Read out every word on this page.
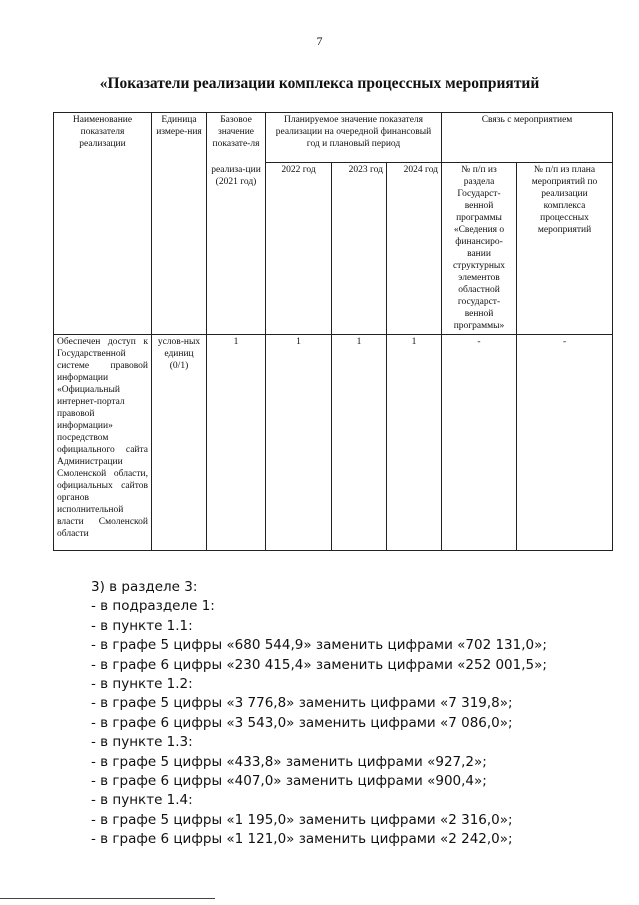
7
«Показатели реализации комплекса процессных мероприятий
Наименование показателя реализации	Единица измере-ния	Базовое значение показате-ля	Планируемое значение показателя реализации на очередной финансовый год и плановый период			Связь с мероприятием	
		реализа-ции (2021 год)	2022 год	2023 год	2024 год	№ п/п из раздела Государст-венной программы «Сведения о финансиро-вании структурных элементов областной государст-венной программы»	№ п/п из плана мероприятий по реализации комплекса процессных мероприятий
Обеспечен доступ к Государственной системе правовой информации «Официальный интернет-портал правовой информации» посредством официального сайта Администрации Смоленской области, официальных сайтов органов исполнительной власти Смоленской области	услов-ных единиц (0/1)	1	1	1	1	-	-
3) в разделе 3:
- в подразделе 1:
- в пункте 1.1:
- в графе 5 цифры «680 544,9» заменить цифрами «702 131,0»;
- в графе 6 цифры «230 415,4» заменить цифрами «252 001,5»;
- в пункте 1.2:
- в графе 5 цифры «3 776,8» заменить цифрами «7 319,8»;
- в графе 6 цифры «3 543,0» заменить цифрами «7 086,0»;
- в пункте 1.3:
- в графе 5 цифры «433,8» заменить цифрами «927,2»;
- в графе 6 цифры «407,0» заменить цифрами «900,4»;
- в пункте 1.4:
- в графе 5 цифры «1 195,0» заменить цифрами «2 316,0»;
- в графе 6 цифры «1 121,0» заменить цифрами «2 242,0»;
